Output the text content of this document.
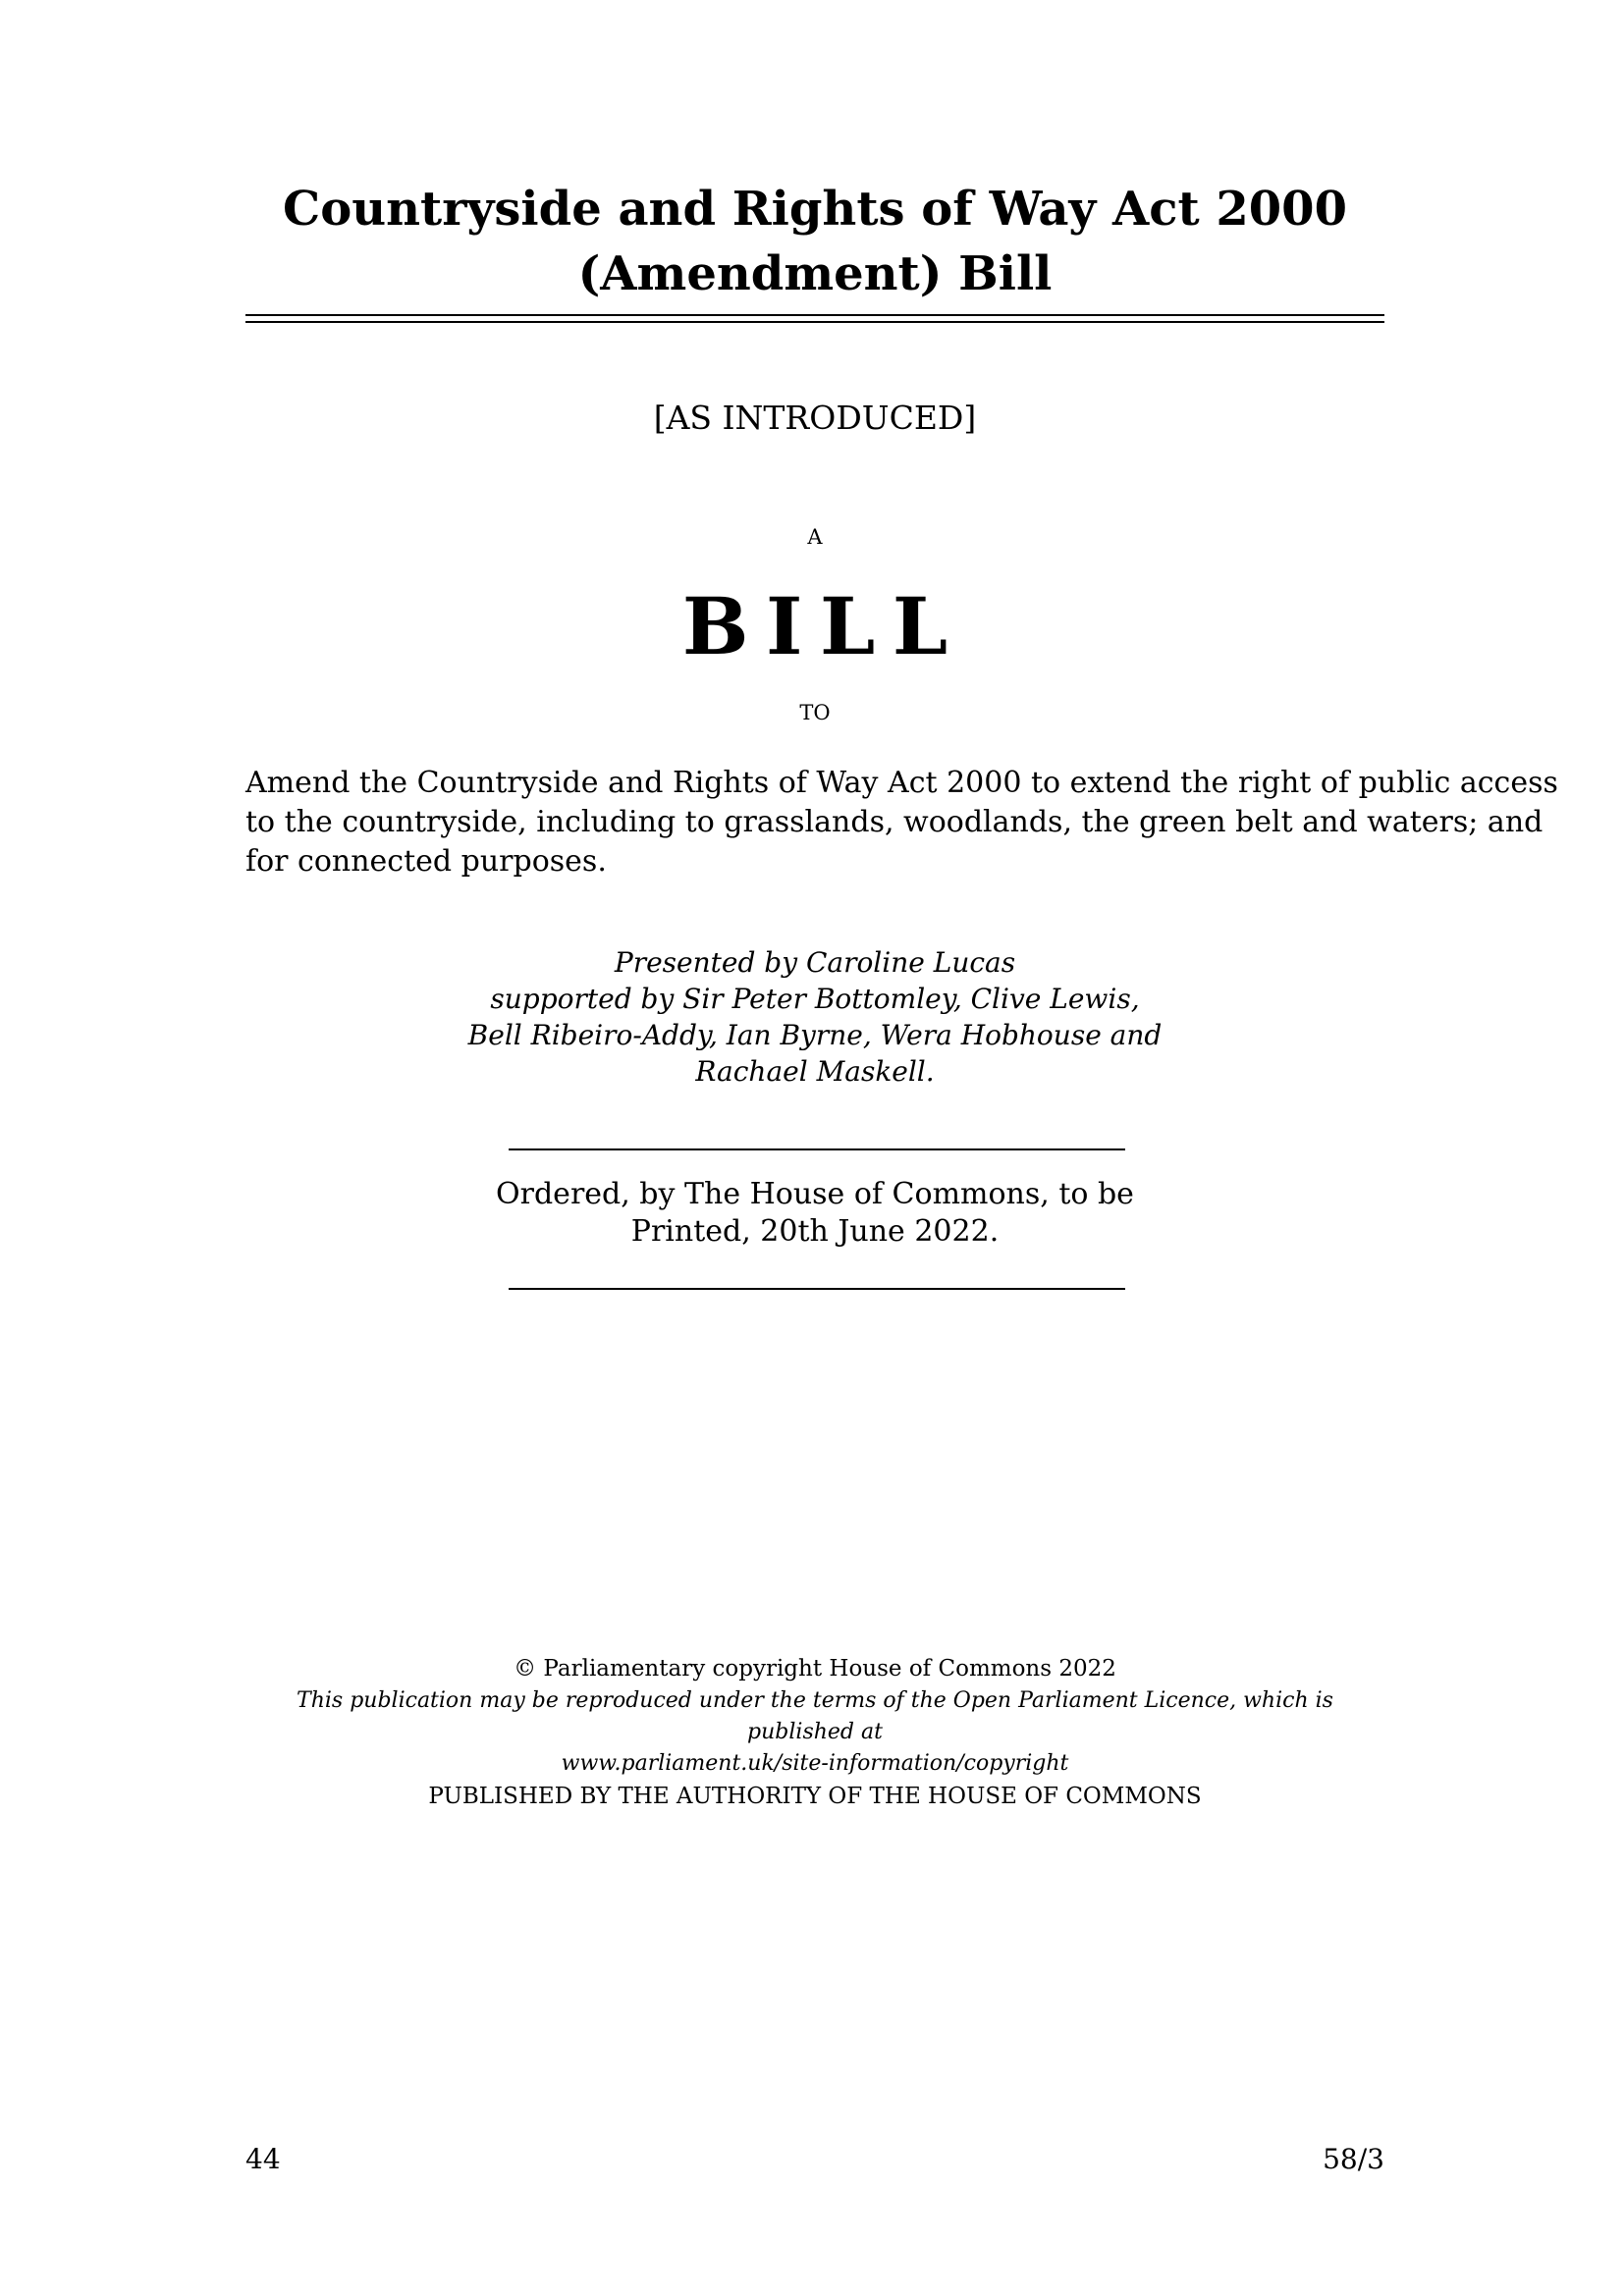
Countryside and Rights of Way Act 2000
(Amendment) Bill
[AS INTRODUCED]
A
BILL
TO
Amend the Countryside and Rights of Way Act 2000 to extend the right of public access
to the countryside, including to grasslands, woodlands, the green belt and waters; and
for connected purposes.
Presented by Caroline Lucas
supported by Sir Peter Bottomley, Clive Lewis,
Bell Ribeiro-Addy, Ian Byrne, Wera Hobhouse and
Rachael Maskell.
Ordered, by The House of Commons, to be
Printed, 20th June 2022.
© Parliamentary copyright House of Commons 2022
This publication may be reproduced under the terms of the Open Parliament Licence, which is published at
www.parliament.uk/site-information/copyright
PUBLISHED BY THE AUTHORITY OF THE HOUSE OF COMMONS
44	58/3
